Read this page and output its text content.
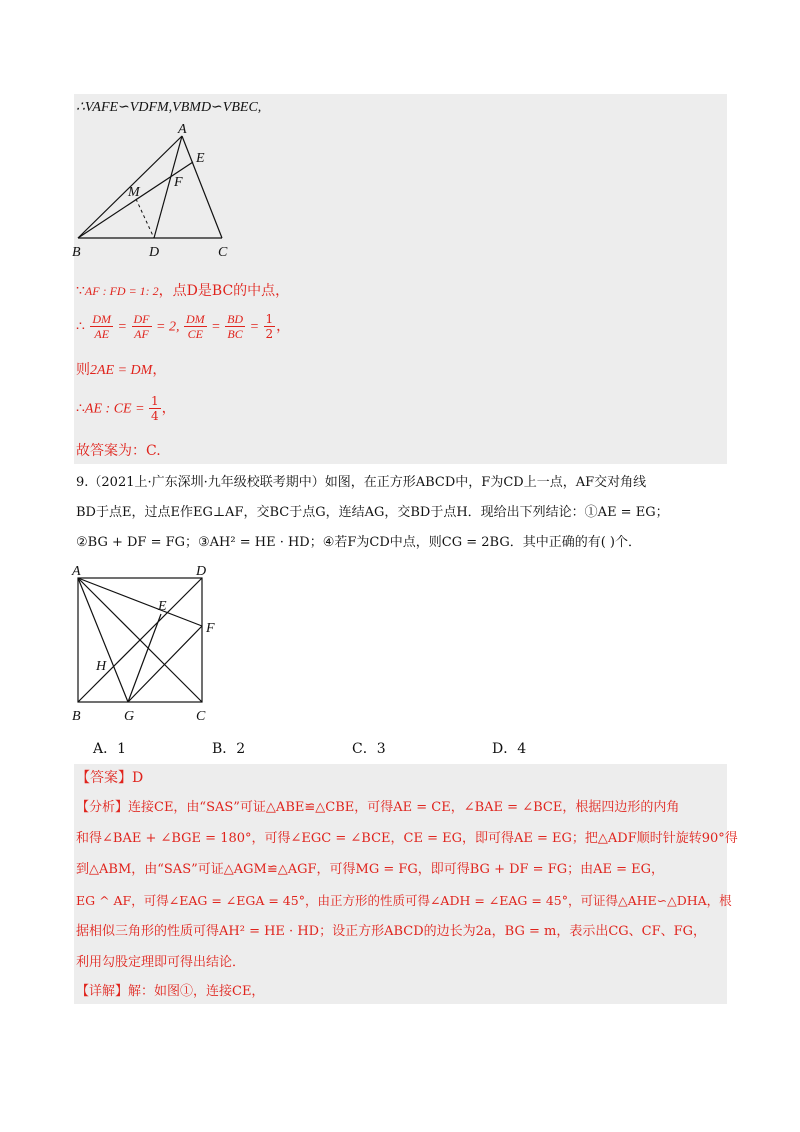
∴VAFE∽VDFM,VBMD∽VBEC,
A
E
F
M
B	D	C
∵AF : FD = 1: 2，点D是BC的中点，
∴ $\frac{DM}{AE} = \frac{DF}{AF} = 2$, $\frac{DM}{CE} = \frac{BD}{BC} = \frac{1}{2}$ ，
则2AE = DM，
∴AE : CE = $\frac{1}{4}$ ，
故答案为：C.
9.（2021上·广东深圳·九年级校联考期中）如图，在正方形ABCD中，F为CD上一点，AF交对角线
BD于点E，过点E作EG⊥AF，交BC于点G，连结AG，交BD于点H．现给出下列结论：①AE = EG；
②BG + DF = FG；③AH² = HE · HD；④若F为CD中点，则CG = 2BG．其中正确的有( )个．
A	D
E
F
H
B	G	C
A．1	B．2	C．3	D．4
【答案】D
【分析】连接CE，由“SAS”可证△ABE≌△CBE，可得AE = CE，∠BAE = ∠BCE，根据四边形的内角
和得∠BAE + ∠BGE = 180°，可得∠EGC = ∠BCE，CE = EG，即可得AE = EG；把△ADF顺时针旋转90°得
到△ABM，由“SAS”可证△AGM≌△AGF，可得MG = FG，即可得BG + DF = FG；由AE = EG，
EG ^ AF，可得∠EAG = ∠EGA = 45°，由正方形的性质可得∠ADH = ∠EAG = 45°，可证得△AHE∽△DHA，根
据相似三角形的性质可得AH² = HE · HD；设正方形ABCD的边长为2a，BG = m，表示出CG、CF、FG，
利用勾股定理即可得出结论．
【详解】解：如图①，连接CE，
